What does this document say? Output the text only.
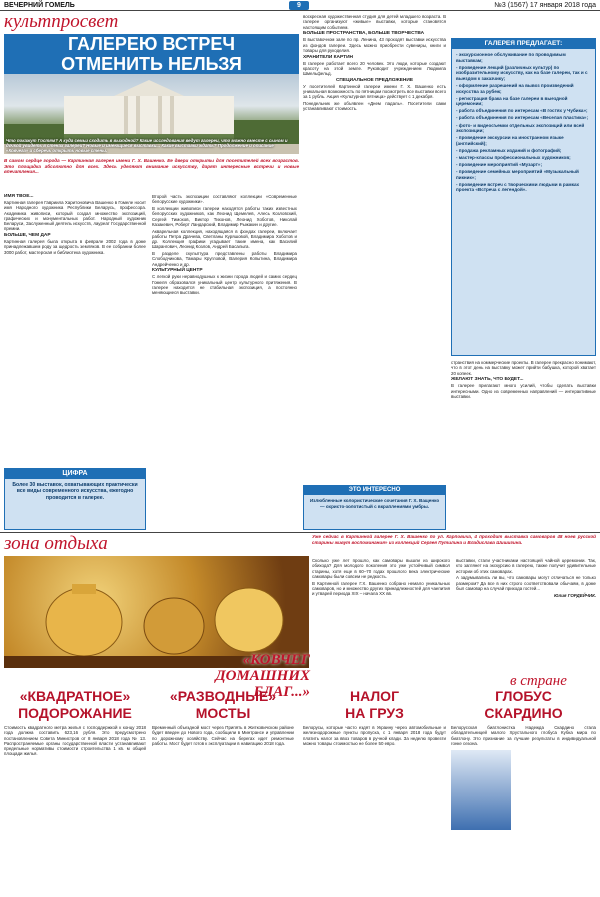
ВЕЧЕРНИЙ ГОМЕЛЬ	9	№3 (1567) 17 января 2018 года
культпросвет
ГАЛЕРЕЮ ВСТРЕЧ
ОТМЕНИТЬ НЕЛЬЗЯ
Что покажут Гостям? А куда семьи сходить в выходной? Какие исследования ведут галереи, что можно вместе с сыном и дочкой увидеть в стенах галереи? Новые и имеющиеся выставки... Какие выставки ждать? Продолжение и описание «Ковчега» и сберечь открыть новые стены.
В самом сердце города — Картинная галерея имени Г. Х. Вашенко. Ее двери открыты для посетителей всех возрастов. Это площадка абсолютно для всех. Здесь уделяют внимание искусству, дарят интересные встречи и новые впечатления...
ИМЯ ТВОЕ...

Картинная галерея Гавриила Харитоновича Вашенко в Гомеле носит имя Народного художника Республики Беларусь, профессора. Академика живописи, который создал множество экспозиций, графических и монументальных работ. Народный художник Беларуси, Заслуженный деятель искусств, лауреат Государственной премии.

БОЛЬШЕ, ЧЕМ ДАР

Картинная галерея была открыта в феврале 2002 года в доме принадлежавшем роду за щедрость земляков. В ее собрании более 3000 работ, мастерская и библиотека художника.

ЦИФРА
Более 30 выставок, охватывающих практически все виды современного искусства, ежегодно проводится в галерее.

Второй часть экспозиции составляют коллекции «Современные белорусские художники».

В коллекции живописи галереи находятся работы таких известных белорусских художников, как Леонид Щемелев, Алесь Козловский, Сергей Тимохов, Виктор Тихонов, Леонид Хоботов, Николай Казакевич, Роберт Ландарский, Владимир Рыжакин и другие.

Акварельная коллекция, находящаяся в фондах галереи, включает работы Петра Драчева, Светланы Куряшовой, Владимира Хоботов и др. Коллекция графики угадывает такие имена, как Василий Шарангович, Леонид Козлов, Андрей Басалыга.

В разделе скульптура представлены работы Владимира Слободчикова, Тамары Кругловой, Валерия Копытина, Владимира Андрейченко и др.

КУЛЬТУРНЫЙ ЦЕНТР

С легкой руки неравнодушных к жизни города людей и самих сердец Гомеля образовался уникальный центр культурного притяжения. В галерее находится не стабильная экспозиция, а постоянно меняющиеся выставки.

воскресная художественная студия для детей младшего возраста. В галерее организуют «живые» выставки, которые становятся настоящим событием.

БОЛЬШЕ ПРОСТРАНСТВА, БОЛЬШЕ ТВОРЧЕСТВА

В выставочном зале по пр. Ленина, 43 проходят выставки искусства из фондов галереи. Здесь можно приобрести сувениры, книги и товары для рукоделия.

ХРАНИТЕЛИ КАРТИН

В галерее работает всего 20 человек. Это люди, которые создают красоту на этой земле. Руководит учреждением Людмила Шмельфельд.

СПЕЦИАЛЬНОЕ ПРЕДЛОЖЕНИЕ

У посетителей Картинной галереи имени Г. Х. Вашенко есть уникальная возможность по пятницам посмотреть все выставки всего за 1 рубль. Акция «Культурная пятница» действует с 1 декабря.

Понедельник же объявлен «Днем падаль». Посетители сами устанавливают стоимость.

ЭТО ИНТЕРЕСНО
Излюбленные колористические сочетания Г. Х. Ващенко — охристо-золотистый с вкраплениями умбры.
ГАЛЕРЕЯ ПРЕДЛАГАЕТ:
- экскурсионное обслуживание по проводимым выставкам;
- проведение лекций (различных культур) по изобразительному искусству, как на базе галереи, так и с выездом к заказчику;
- оформление разрешений на вывоз произведений искусства за рубеж;
- регистрация брака на базе галереи в выездной церемонии;
- работа объединения по интересам «В гостях у Чубика»;
- работа объединения по интересам «Веселая пластика»;
- фото- и видеосъемки отдельных экспозиций или всей экспозиции;
- проведение экскурсии на иностранном языке (английский);
- продажа рекламных изданий и фотографий;
- мастер-классы профессиональных художников;
- проведение мероприятий «Музарт»;
- проведение семейных мероприятий «Музыкальный пикник»;
- проведение встреч с творческими людьми в рамках проекта «Встреча с легендой».

странствия на коммерческие проекты. В галерее прекрасно понимают, что в этот день на выставку может прийти бабушка, которой хватает 20 копеек.

ЖЕЛАЮТ ЗНАТЬ, ЧТО БУДЕТ...

В галерее прилагают много усилий, чтобы сделать выставки интересными. Одно из современных направлений — интерактивные выставки.

зона отдыха
«КОВЧЕГ
ДОМАШНИХ БЛАГ...»
Уже сейчас в Картинной галерее Г. Х. Вашенко по ул. Карповича, 4 проходит выставка самоваров 48 ноев русской старины живут воспоминания» из коллекций Сергея Путилина и Владислава Шишигина.

Сколько уже лет прошло, как самовары вышли из широкого обихода? Для молодого поколения это уже устойчивый символ старины, хотя еще в 60–70 годах прошлого века электрические самовары были совсем не редкость.

В Картинной галерее Г.Х. Вашенко собрано немало уникальных самоваров, но и множество других принадлежностей для чаепития и утварей периода XIX – начала XX вв.

выставки, стали участниками настоящей чайной церемонии. Так, кто заглянет на экскурсию в галерею, также получит удивительные истории об этих самоварах.

А задумывались ли вы, что самовары могут отличаться не только размером? Да все в них строго соответствовали обычаям, в доме был самовар на случай прихода гостей...

Юлия ГОРДЕЙЧИК.

в стране
«КВАДРАТНОЕ»
ПОДОРОЖАНИЕ
Стоимость квадратного метра жилья с господдержкой к концу 2018 года должна составить 623,16 рубля. Это предусмотрено постановлением Совета Министров от 8 января 2018 года № 13. Распространяемые органы государственной власти устанавливают предельные нормативы стоимости строительства 1 кв. м общей площади жилья.
«РАЗВОДНЫЕ»
МОСТЫ
Временный объездной мост через Припять в Житковичском районе будет введен до Нового года, сообщили в Минтрансе и управлении по дорожному хозяйству. Сейчас на берегах идет ремонтные работы. Мост будет готов к эксплуатации в навигацию 2018 года.
НАЛОГ
НА ГРУЗ
Белорусы, которые часто ездят в Украину через автомобильные и железнодорожные пункты пропуска, с 1 января 2018 года будут платить налог за ввоз товаров в ручной клади. За неделю провезти можно товары стоимостью не более 50 евро.
ГЛОБУС
СКАРДИНО
Белорусская биатлонистка Надежда Скардино стала обладательницей малого Хрустального глобуса Кубка мира по биатлону. Это признание за лучшие результаты в индивидуальной гонке сезона.
